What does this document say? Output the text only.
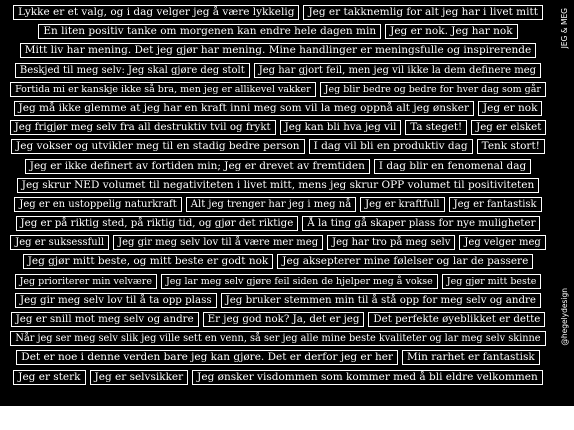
Lykke er et valg, og i dag velger jeg å være lykkelig	Jeg er takknemlig for alt jeg har i livet mitt
En liten positiv tanke om morgenen kan endre hele dagen min	Jeg er nok. Jeg har nok
Mitt liv har mening. Det jeg gjør har mening. Mine handlinger er meningsfulle og inspirerende
Beskjed til meg selv: Jeg skal gjøre deg stolt	Jeg har gjort feil, men jeg vil ikke la dem definere meg
Fortida mi er kanskje ikke så bra, men jeg er allikevel vakker	Jeg blir bedre og bedre for hver dag som går
Jeg må ikke glemme at jeg har en kraft inni meg som vil la meg oppnå alt jeg ønsker	Jeg er nok
Jeg frigjør meg selv fra all destruktiv tvil og frykt	Jeg kan bli hva jeg vil	Ta steget!	Jeg er elsket
Jeg vokser og utvikler meg til en stadig bedre person	I dag vil bli en produktiv dag	Tenk stort!
Jeg er ikke definert av fortiden min; Jeg er drevet av fremtiden	I dag blir en fenomenal dag
Jeg skrur NED volumet til negativiteten i livet mitt, mens jeg skrur OPP volumet til positiviteten
Jeg er en ustoppelig naturkraft	Alt jeg trenger har jeg i meg nå	Jeg er kraftfull	Jeg er fantastisk
Jeg er på riktig sted, på riktig tid, og gjør det riktige	Å la ting gå skaper plass for nye muligheter
Jeg er suksessfull	Jeg gir meg selv lov til å være mer meg	Jeg har tro på meg selv	Jeg velger meg
Jeg gjør mitt beste, og mitt beste er godt nok	Jeg aksepterer mine følelser og lar de passere
Jeg prioriterer min velvære	Jeg lar meg selv gjøre feil siden de hjelper meg å vokse	Jeg gjør mitt beste
Jeg gir meg selv lov til å ta opp plass	Jeg bruker stemmen min til å stå opp for meg selv og andre
Jeg er snill mot meg selv og andre	Er jeg god nok? Ja, det er jeg	Det perfekte øyeblikket er dette
Når jeg ser meg selv slik jeg ville sett en venn, så ser jeg alle mine beste kvaliteter og lar meg selv skinne
Det er noe i denne verden bare jeg kan gjøre. Det er derfor jeg er her	Min rarhet er fantastisk
Jeg er sterk	Jeg er selvsikker	Jeg ønsker visdommen som kommer med å bli eldre velkommen
JEG & MEG
@hegelydesign
